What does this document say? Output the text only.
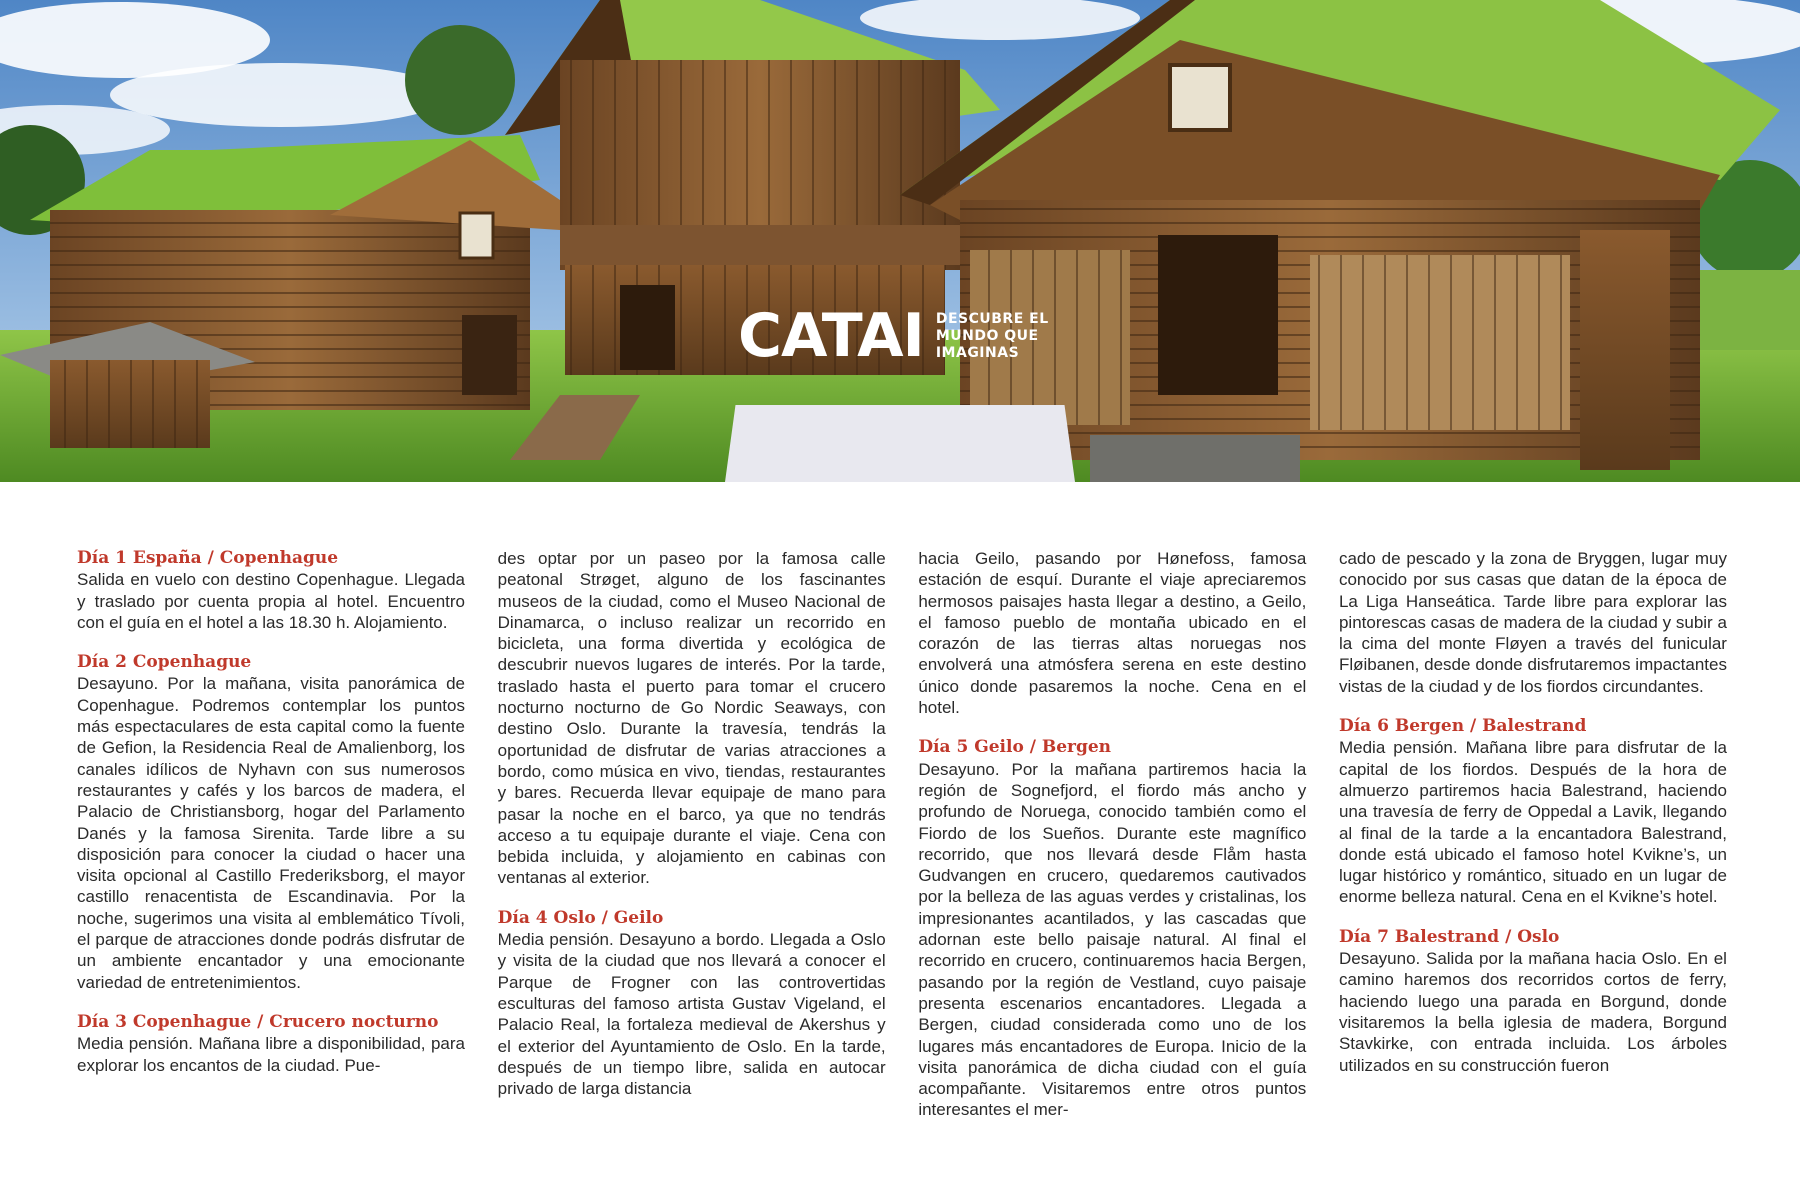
CATAI DESCUBRE EL MUNDO QUE IMAGINAS
Día 1 España / Copenhague

Salida en vuelo con destino Copenhague. Llegada y traslado por cuenta propia al hotel. Encuentro con el guía en el hotel a las 18.30 h. Alojamiento.

Día 2 Copenhague

Desayuno. Por la mañana, visita panorámica de Copenhague. Podremos contemplar los puntos más espectaculares de esta capital como la fuente de Gefion, la Residencia Real de Amalienborg, los canales idílicos de Nyhavn con sus numerosos restaurantes y cafés y los barcos de madera, el Palacio de Christiansborg, hogar del Parlamento Danés y la famosa Sirenita. Tarde libre a su disposición para conocer la ciudad o hacer una visita opcional al Castillo Frederiksborg, el mayor castillo renacentista de Escandinavia. Por la noche, sugerimos una visita al emblemático Tívoli, el parque de atracciones donde podrás disfrutar de un ambiente encantador y una emocionante variedad de entretenimientos.

Día 3 Copenhague / Crucero nocturno

Media pensión. Mañana libre a disponibilidad, para explorar los encantos de la ciudad. Pue-

des optar por un paseo por la famosa calle peatonal Strøget, alguno de los fascinantes museos de la ciudad, como el Museo Nacional de Dinamarca, o incluso realizar un recorrido en bicicleta, una forma divertida y ecológica de descubrir nuevos lugares de interés. Por la tarde, traslado hasta el puerto para tomar el crucero nocturno nocturno de Go Nordic Seaways, con destino Oslo. Durante la travesía, tendrás la oportunidad de disfrutar de varias atracciones a bordo, como música en vivo, tiendas, restaurantes y bares. Recuerda llevar equipaje de mano para pasar la noche en el barco, ya que no tendrás acceso a tu equipaje durante el viaje. Cena con bebida incluida, y alojamiento en cabinas con ventanas al exterior.

Día 4 Oslo / Geilo

Media pensión. Desayuno a bordo. Llegada a Oslo y visita de la ciudad que nos llevará a conocer el Parque de Frogner con las controvertidas esculturas del famoso artista Gustav Vigeland, el Palacio Real, la fortaleza medieval de Akershus y el exterior del Ayuntamiento de Oslo. En la tarde, después de un tiempo libre, salida en autocar privado de larga distancia

hacia Geilo, pasando por Hønefoss, famosa estación de esquí. Durante el viaje apreciaremos hermosos paisajes hasta llegar a destino, a Geilo, el famoso pueblo de montaña ubicado en el corazón de las tierras altas noruegas nos envolverá una atmósfera serena en este destino único donde pasaremos la noche. Cena en el hotel.

Día 5 Geilo / Bergen

Desayuno. Por la mañana partiremos hacia la región de Sognefjord, el fiordo más ancho y profundo de Noruega, conocido también como el Fiordo de los Sueños. Durante este magnífico recorrido, que nos llevará desde Flåm hasta Gudvangen en crucero, quedaremos cautivados por la belleza de las aguas verdes y cristalinas, los impresionantes acantilados, y las cascadas que adornan este bello paisaje natural. Al final el recorrido en crucero, continuaremos hacia Bergen, pasando por la región de Vestland, cuyo paisaje presenta escenarios encantadores. Llegada a Bergen, ciudad considerada como uno de los lugares más encantadores de Europa. Inicio de la visita panorámica de dicha ciudad con el guía acompañante. Visitaremos entre otros puntos interesantes el mer-

cado de pescado y la zona de Bryggen, lugar muy conocido por sus casas que datan de la época de La Liga Hanseática. Tarde libre para explorar las pintorescas casas de madera de la ciudad y subir a la cima del monte Fløyen a través del funicular Fløibanen, desde donde disfrutaremos impactantes vistas de la ciudad y de los fiordos circundantes.

Día 6 Bergen / Balestrand

Media pensión. Mañana libre para disfrutar de la capital de los fiordos. Después de la hora de almuerzo partiremos hacia Balestrand, haciendo una travesía de ferry de Oppedal a Lavik, llegando al final de la tarde a la encantadora Balestrand, donde está ubicado el famoso hotel Kvikne’s, un lugar histórico y romántico, situado en un lugar de enorme belleza natural. Cena en el Kvikne’s hotel.

Día 7 Balestrand / Oslo

Desayuno. Salida por la mañana hacia Oslo. En el camino haremos dos recorridos cortos de ferry, haciendo luego una parada en Borgund, donde visitaremos la bella iglesia de madera, Borgund Stavkirke, con entrada incluida. Los árboles utilizados en su construcción fueron
